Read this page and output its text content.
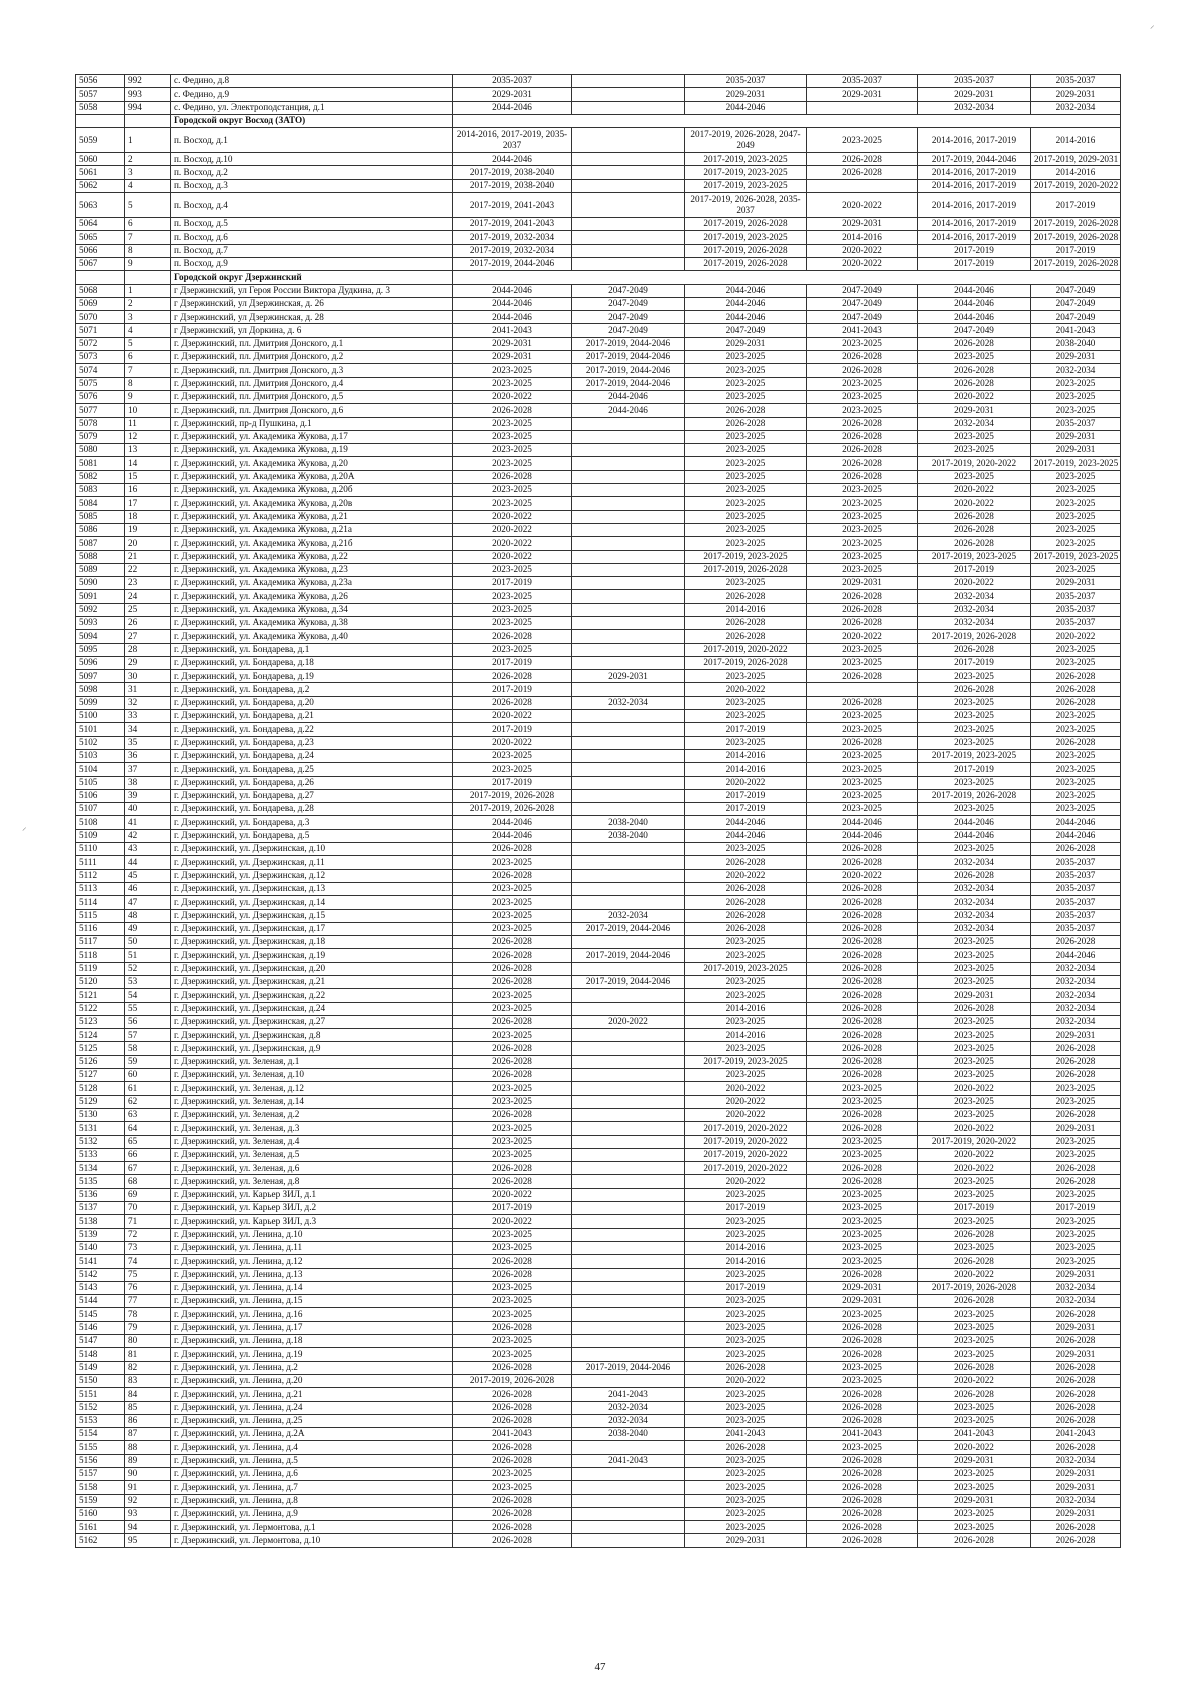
5056	992	с. Федино, д.8	2035-2037		2035-2037	2035-2037	2035-2037	2035-2037
5057	993	с. Федино, д.9	2029-2031		2029-2031	2029-2031	2029-2031	2029-2031
5058	994	с. Федино, ул. Электроподстанция, д.1	2044-2046		2044-2046		2032-2034	2032-2034
		Городской округ Восход (ЗАТО)						
5059	1	п. Восход, д.1	2014-2016, 2017-2019, 2035-2037		2017-2019, 2026-2028, 2047-2049	2023-2025	2014-2016, 2017-2019	2014-2016
5060	2	п. Восход, д.10	2044-2046		2017-2019, 2023-2025	2026-2028	2017-2019, 2044-2046	2017-2019, 2029-2031
5061	3	п. Восход, д.2	2017-2019, 2038-2040		2017-2019, 2023-2025	2026-2028	2014-2016, 2017-2019	2014-2016
5062	4	п. Восход, д.3	2017-2019, 2038-2040		2017-2019, 2023-2025		2014-2016, 2017-2019	2017-2019, 2020-2022
5063	5	п. Восход, д.4	2017-2019, 2041-2043		2017-2019, 2026-2028, 2035-2037	2020-2022	2014-2016, 2017-2019	2017-2019
5064	6	п. Восход, д.5	2017-2019, 2041-2043		2017-2019, 2026-2028	2029-2031	2014-2016, 2017-2019	2017-2019, 2026-2028
5065	7	п. Восход, д.6	2017-2019, 2032-2034		2017-2019, 2023-2025	2014-2016	2014-2016, 2017-2019	2017-2019, 2026-2028
5066	8	п. Восход, д.7	2017-2019, 2032-2034		2017-2019, 2026-2028	2020-2022	2017-2019	2017-2019
5067	9	п. Восход, д.9	2017-2019, 2044-2046		2017-2019, 2026-2028	2020-2022	2017-2019	2017-2019, 2026-2028
		Городской округ Дзержинский						
5068	1	г Дзержинский, ул Героя России Виктора Дудкина, д. 3	2044-2046	2047-2049	2044-2046	2047-2049	2044-2046	2047-2049
5069	2	г Дзержинский, ул Дзержинская, д. 26	2044-2046	2047-2049	2044-2046	2047-2049	2044-2046	2047-2049
5070	3	г Дзержинский, ул Дзержинская, д. 28	2044-2046	2047-2049	2044-2046	2047-2049	2044-2046	2047-2049
5071	4	г Дзержинский, ул Доркина, д. 6	2041-2043	2047-2049	2047-2049	2041-2043	2047-2049	2041-2043
5072	5	г. Дзержинский, пл. Дмитрия Донского, д.1	2029-2031	2017-2019, 2044-2046	2029-2031	2023-2025	2026-2028	2038-2040
5073	6	г. Дзержинский, пл. Дмитрия Донского, д.2	2029-2031	2017-2019, 2044-2046	2023-2025	2026-2028	2023-2025	2029-2031
5074	7	г. Дзержинский, пл. Дмитрия Донского, д.3	2023-2025	2017-2019, 2044-2046	2023-2025	2026-2028	2026-2028	2032-2034
5075	8	г. Дзержинский, пл. Дмитрия Донского, д.4	2023-2025	2017-2019, 2044-2046	2023-2025	2023-2025	2026-2028	2023-2025
5076	9	г. Дзержинский, пл. Дмитрия Донского, д.5	2020-2022	2044-2046	2023-2025	2023-2025	2020-2022	2023-2025
5077	10	г. Дзержинский, пл. Дмитрия Донского, д.6	2026-2028	2044-2046	2026-2028	2023-2025	2029-2031	2023-2025
5078	11	г. Дзержинский, пр-д Пушкина, д.1	2023-2025		2026-2028	2026-2028	2032-2034	2035-2037
5079	12	г. Дзержинский, ул. Академика Жукова, д.17	2023-2025		2023-2025	2026-2028	2023-2025	2029-2031
5080	13	г. Дзержинский, ул. Академика Жукова, д.19	2023-2025		2023-2025	2026-2028	2023-2025	2029-2031
5081	14	г. Дзержинский, ул. Академика Жукова, д.20	2023-2025		2023-2025	2026-2028	2017-2019, 2020-2022	2017-2019, 2023-2025
5082	15	г. Дзержинский, ул. Академика Жукова, д.20А	2026-2028		2023-2025	2026-2028	2023-2025	2023-2025
5083	16	г. Дзержинский, ул. Академика Жукова, д.20б	2023-2025		2023-2025	2023-2025	2020-2022	2023-2025
5084	17	г. Дзержинский, ул. Академика Жукова, д.20в	2023-2025		2023-2025	2023-2025	2020-2022	2023-2025
5085	18	г. Дзержинский, ул. Академика Жукова, д.21	2020-2022		2023-2025	2023-2025	2026-2028	2023-2025
5086	19	г. Дзержинский, ул. Академика Жукова, д.21а	2020-2022		2023-2025	2023-2025	2026-2028	2023-2025
5087	20	г. Дзержинский, ул. Академика Жукова, д.21б	2020-2022		2023-2025	2023-2025	2026-2028	2023-2025
5088	21	г. Дзержинский, ул. Академика Жукова, д.22	2020-2022		2017-2019, 2023-2025	2023-2025	2017-2019, 2023-2025	2017-2019, 2023-2025
5089	22	г. Дзержинский, ул. Академика Жукова, д.23	2023-2025		2017-2019, 2026-2028	2023-2025	2017-2019	2023-2025
5090	23	г. Дзержинский, ул. Академика Жукова, д.23а	2017-2019		2023-2025	2029-2031	2020-2022	2029-2031
5091	24	г. Дзержинский, ул. Академика Жукова, д.26	2023-2025		2026-2028	2026-2028	2032-2034	2035-2037
5092	25	г. Дзержинский, ул. Академика Жукова, д.34	2023-2025		2014-2016	2026-2028	2032-2034	2035-2037
5093	26	г. Дзержинский, ул. Академика Жукова, д.38	2023-2025		2026-2028	2026-2028	2032-2034	2035-2037
5094	27	г. Дзержинский, ул. Академика Жукова, д.40	2026-2028		2026-2028	2020-2022	2017-2019, 2026-2028	2020-2022
5095	28	г. Дзержинский, ул. Бондарева, д.1	2023-2025		2017-2019, 2020-2022	2023-2025	2026-2028	2023-2025
5096	29	г. Дзержинский, ул. Бондарева, д.18	2017-2019		2017-2019, 2026-2028	2023-2025	2017-2019	2023-2025
5097	30	г. Дзержинский, ул. Бондарева, д.19	2026-2028	2029-2031	2023-2025	2026-2028	2023-2025	2026-2028
5098	31	г. Дзержинский, ул. Бондарева, д.2	2017-2019		2020-2022		2026-2028	2026-2028
5099	32	г. Дзержинский, ул. Бондарева, д.20	2026-2028	2032-2034	2023-2025	2026-2028	2023-2025	2026-2028
5100	33	г. Дзержинский, ул. Бондарева, д.21	2020-2022		2023-2025	2023-2025	2023-2025	2023-2025
5101	34	г. Дзержинский, ул. Бондарева, д.22	2017-2019		2017-2019	2023-2025	2023-2025	2023-2025
5102	35	г. Дзержинский, ул. Бондарева, д.23	2020-2022		2023-2025	2026-2028	2023-2025	2026-2028
5103	36	г. Дзержинский, ул. Бондарева, д.24	2023-2025		2014-2016	2023-2025	2017-2019, 2023-2025	2023-2025
5104	37	г. Дзержинский, ул. Бондарева, д.25	2023-2025		2014-2016	2023-2025	2017-2019	2023-2025
5105	38	г. Дзержинский, ул. Бондарева, д.26	2017-2019		2020-2022	2023-2025	2023-2025	2023-2025
5106	39	г. Дзержинский, ул. Бондарева, д.27	2017-2019, 2026-2028		2017-2019	2023-2025	2017-2019, 2026-2028	2023-2025
5107	40	г. Дзержинский, ул. Бондарева, д.28	2017-2019, 2026-2028		2017-2019	2023-2025	2023-2025	2023-2025
5108	41	г. Дзержинский, ул. Бондарева, д.3	2044-2046	2038-2040	2044-2046	2044-2046	2044-2046	2044-2046
5109	42	г. Дзержинский, ул. Бондарева, д.5	2044-2046	2038-2040	2044-2046	2044-2046	2044-2046	2044-2046
5110	43	г. Дзержинский, ул. Дзержинская, д.10	2026-2028		2023-2025	2026-2028	2023-2025	2026-2028
5111	44	г. Дзержинский, ул. Дзержинская, д.11	2023-2025		2026-2028	2026-2028	2032-2034	2035-2037
5112	45	г. Дзержинский, ул. Дзержинская, д.12	2026-2028		2020-2022	2020-2022	2026-2028	2035-2037
5113	46	г. Дзержинский, ул. Дзержинская, д.13	2023-2025		2026-2028	2026-2028	2032-2034	2035-2037
5114	47	г. Дзержинский, ул. Дзержинская, д.14	2023-2025		2026-2028	2026-2028	2032-2034	2035-2037
5115	48	г. Дзержинский, ул. Дзержинская, д.15	2023-2025	2032-2034	2026-2028	2026-2028	2032-2034	2035-2037
5116	49	г. Дзержинский, ул. Дзержинская, д.17	2023-2025	2017-2019, 2044-2046	2026-2028	2026-2028	2032-2034	2035-2037
5117	50	г. Дзержинский, ул. Дзержинская, д.18	2026-2028		2023-2025	2026-2028	2023-2025	2026-2028
5118	51	г. Дзержинский, ул. Дзержинская, д.19	2026-2028	2017-2019, 2044-2046	2023-2025	2026-2028	2023-2025	2044-2046
5119	52	г. Дзержинский, ул. Дзержинская, д.20	2026-2028		2017-2019, 2023-2025	2026-2028	2023-2025	2032-2034
5120	53	г. Дзержинский, ул. Дзержинская, д.21	2026-2028	2017-2019, 2044-2046	2023-2025	2026-2028	2023-2025	2032-2034
5121	54	г. Дзержинский, ул. Дзержинская, д.22	2023-2025		2023-2025	2026-2028	2029-2031	2032-2034
5122	55	г. Дзержинский, ул. Дзержинская, д.24	2023-2025		2014-2016	2026-2028	2026-2028	2032-2034
5123	56	г. Дзержинский, ул. Дзержинская, д.27	2026-2028	2020-2022	2023-2025	2026-2028	2023-2025	2032-2034
5124	57	г. Дзержинский, ул. Дзержинская, д.8	2023-2025		2014-2016	2026-2028	2023-2025	2029-2031
5125	58	г. Дзержинский, ул. Дзержинская, д.9	2026-2028		2023-2025	2026-2028	2023-2025	2026-2028
5126	59	г. Дзержинский, ул. Зеленая, д.1	2026-2028		2017-2019, 2023-2025	2026-2028	2023-2025	2026-2028
5127	60	г. Дзержинский, ул. Зеленая, д.10	2026-2028		2023-2025	2026-2028	2023-2025	2026-2028
5128	61	г. Дзержинский, ул. Зеленая, д.12	2023-2025		2020-2022	2023-2025	2020-2022	2023-2025
5129	62	г. Дзержинский, ул. Зеленая, д.14	2023-2025		2020-2022	2023-2025	2023-2025	2023-2025
5130	63	г. Дзержинский, ул. Зеленая, д.2	2026-2028		2020-2022	2026-2028	2023-2025	2026-2028
5131	64	г. Дзержинский, ул. Зеленая, д.3	2023-2025		2017-2019, 2020-2022	2026-2028	2020-2022	2029-2031
5132	65	г. Дзержинский, ул. Зеленая, д.4	2023-2025		2017-2019, 2020-2022	2023-2025	2017-2019, 2020-2022	2023-2025
5133	66	г. Дзержинский, ул. Зеленая, д.5	2023-2025		2017-2019, 2020-2022	2023-2025	2020-2022	2023-2025
5134	67	г. Дзержинский, ул. Зеленая, д.6	2026-2028		2017-2019, 2020-2022	2026-2028	2020-2022	2026-2028
5135	68	г. Дзержинский, ул. Зеленая, д.8	2026-2028		2020-2022	2026-2028	2023-2025	2026-2028
5136	69	г. Дзержинский, ул. Карьер ЗИЛ, д.1	2020-2022		2023-2025	2023-2025	2023-2025	2023-2025
5137	70	г. Дзержинский, ул. Карьер ЗИЛ, д.2	2017-2019		2017-2019	2023-2025	2017-2019	2017-2019
5138	71	г. Дзержинский, ул. Карьер ЗИЛ, д.3	2020-2022		2023-2025	2023-2025	2023-2025	2023-2025
5139	72	г. Дзержинский, ул. Ленина, д.10	2023-2025		2023-2025	2023-2025	2026-2028	2023-2025
5140	73	г. Дзержинский, ул. Ленина, д.11	2023-2025		2014-2016	2023-2025	2023-2025	2023-2025
5141	74	г. Дзержинский, ул. Ленина, д.12	2026-2028		2014-2016	2023-2025	2026-2028	2023-2025
5142	75	г. Дзержинский, ул. Ленина, д.13	2026-2028		2023-2025	2026-2028	2020-2022	2029-2031
5143	76	г. Дзержинский, ул. Ленина, д.14	2023-2025		2017-2019	2029-2031	2017-2019, 2026-2028	2032-2034
5144	77	г. Дзержинский, ул. Ленина, д.15	2023-2025		2023-2025	2029-2031	2026-2028	2032-2034
5145	78	г. Дзержинский, ул. Ленина, д.16	2023-2025		2023-2025	2023-2025	2023-2025	2026-2028
5146	79	г. Дзержинский, ул. Ленина, д.17	2026-2028		2023-2025	2026-2028	2023-2025	2029-2031
5147	80	г. Дзержинский, ул. Ленина, д.18	2023-2025		2023-2025	2026-2028	2023-2025	2026-2028
5148	81	г. Дзержинский, ул. Ленина, д.19	2023-2025		2023-2025	2026-2028	2023-2025	2029-2031
5149	82	г. Дзержинский, ул. Ленина, д.2	2026-2028	2017-2019, 2044-2046	2026-2028	2023-2025	2026-2028	2026-2028
5150	83	г. Дзержинский, ул. Ленина, д.20	2017-2019, 2026-2028		2020-2022	2023-2025	2020-2022	2026-2028
5151	84	г. Дзержинский, ул. Ленина, д.21	2026-2028	2041-2043	2023-2025	2026-2028	2026-2028	2026-2028
5152	85	г. Дзержинский, ул. Ленина, д.24	2026-2028	2032-2034	2023-2025	2026-2028	2023-2025	2026-2028
5153	86	г. Дзержинский, ул. Ленина, д.25	2026-2028	2032-2034	2023-2025	2026-2028	2023-2025	2026-2028
5154	87	г. Дзержинский, ул. Ленина, д.2А	2041-2043	2038-2040	2041-2043	2041-2043	2041-2043	2041-2043
5155	88	г. Дзержинский, ул. Ленина, д.4	2026-2028		2026-2028	2023-2025	2020-2022	2026-2028
5156	89	г. Дзержинский, ул. Ленина, д.5	2026-2028	2041-2043	2023-2025	2026-2028	2029-2031	2032-2034
5157	90	г. Дзержинский, ул. Ленина, д.6	2023-2025		2023-2025	2026-2028	2023-2025	2029-2031
5158	91	г. Дзержинский, ул. Ленина, д.7	2023-2025		2023-2025	2026-2028	2023-2025	2029-2031
5159	92	г. Дзержинский, ул. Ленина, д.8	2026-2028		2023-2025	2026-2028	2029-2031	2032-2034
5160	93	г. Дзержинский, ул. Ленина, д.9	2026-2028		2023-2025	2026-2028	2023-2025	2029-2031
5161	94	г. Дзержинский, ул. Лермонтова, д.1	2026-2028		2023-2025	2026-2028	2023-2025	2026-2028
5162	95	г. Дзержинский, ул. Лермонтова, д.10	2026-2028		2029-2031	2026-2028	2026-2028	2026-2028
47
⸝
⸝
